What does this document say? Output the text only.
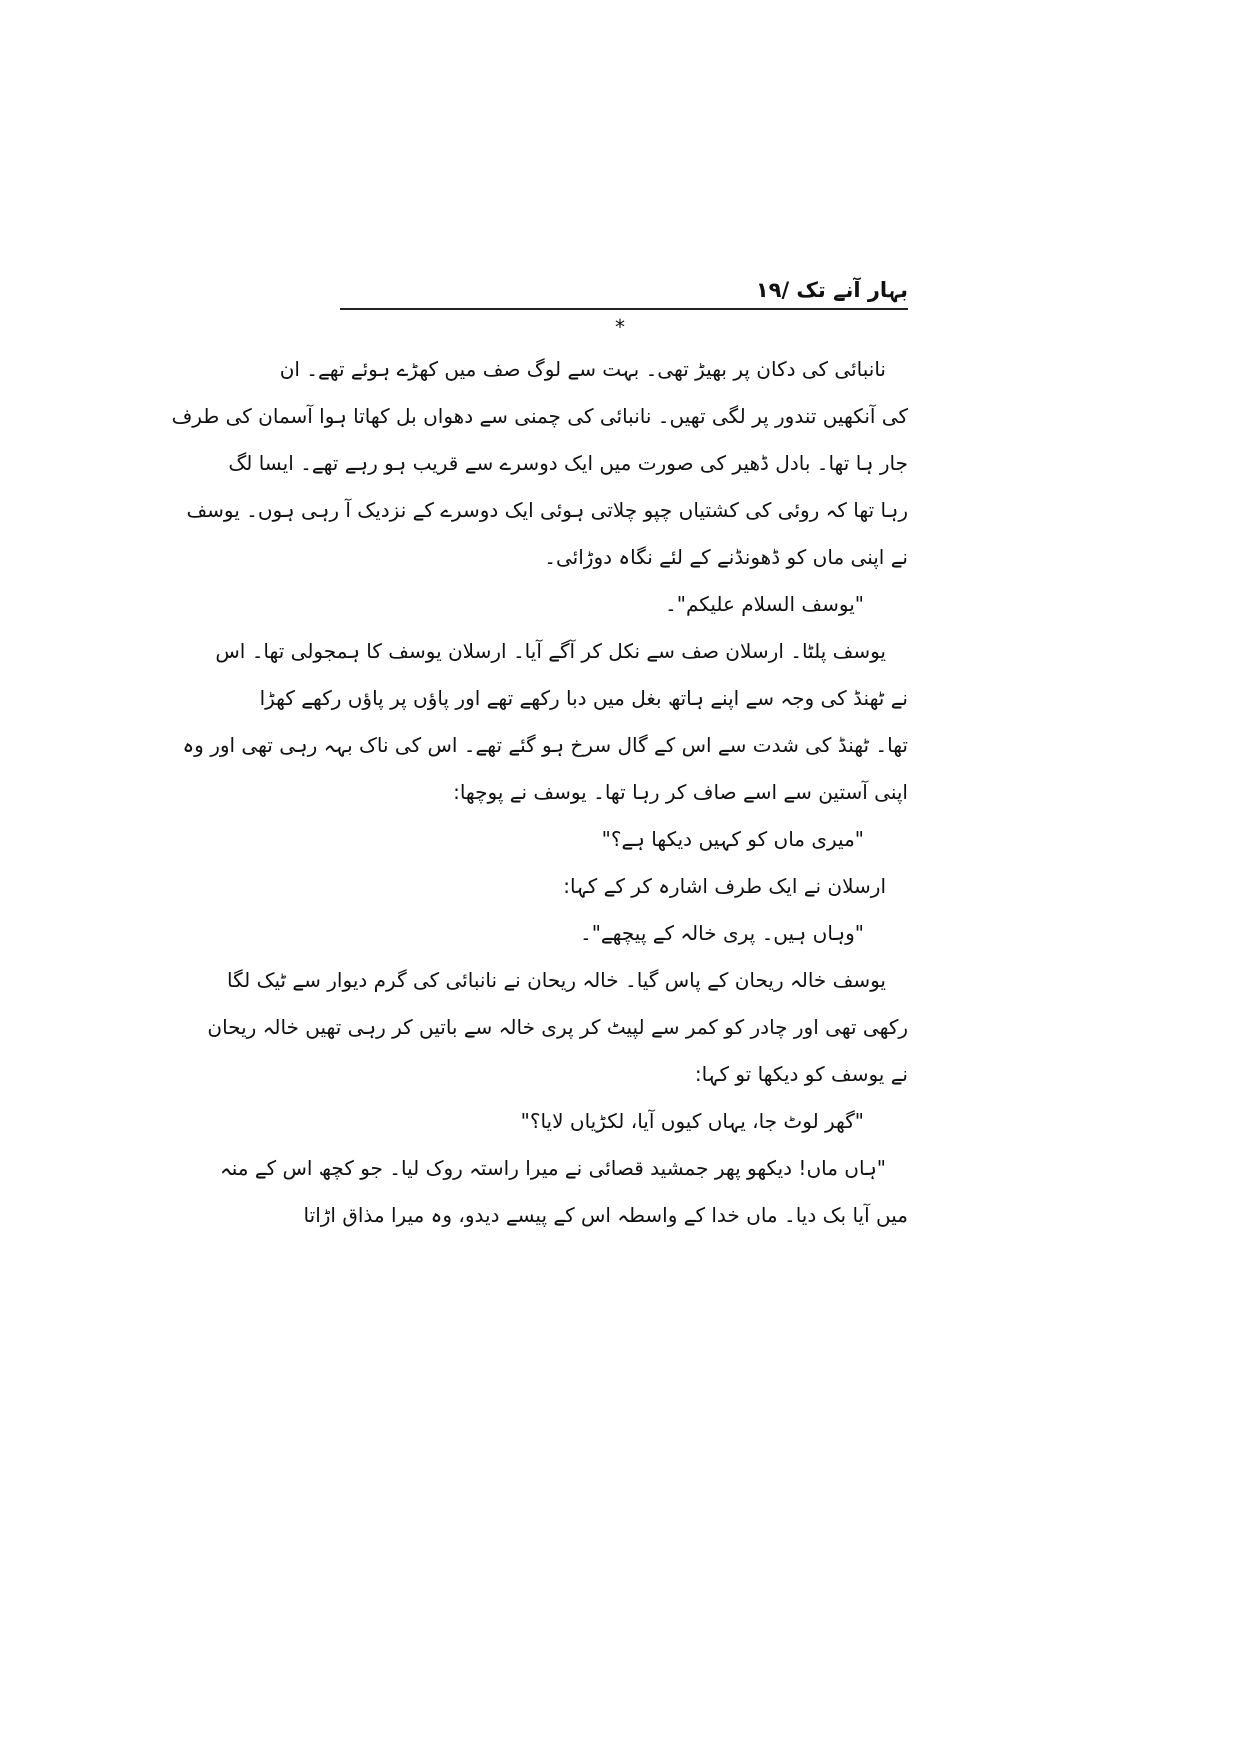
بہار آنے تک /۱۹
*
نانبائی کی دکان پر بھیڑ تھی۔ بہت سے لوگ صف میں کھڑے ہوئے تھے۔ ان
کی آنکھیں تندور پر لگی تھیں۔ نانبائی کی چمنی سے دھواں بل کھاتا ہوا آسمان کی طرف
جار ہا تھا۔ بادل ڈھیر کی صورت میں ایک دوسرے سے قریب ہو رہے تھے۔ ایسا لگ
رہا تھا کہ روئی کی کشتیاں چپو چلاتی ہوئی ایک دوسرے کے نزدیک آ رہی ہوں۔ یوسف
نے اپنی ماں کو ڈھونڈنے کے لئے نگاہ دوڑائی۔
"یوسف السلام علیکم"۔
یوسف پلٹا۔ ارسلان صف سے نکل کر آگے آیا۔ ارسلان یوسف کا ہمجولی تھا۔ اس
نے ٹھنڈ کی وجہ سے اپنے ہاتھ بغل میں دبا رکھے تھے اور پاؤں پر پاؤں رکھے کھڑا
تھا۔ ٹھنڈ کی شدت سے اس کے گال سرخ ہو گئے تھے۔ اس کی ناک بہہ رہی تھی اور وہ
اپنی آستین سے اسے صاف کر رہا تھا۔ یوسف نے پوچھا:
"میری ماں کو کہیں دیکھا ہے؟"
ارسلان نے ایک طرف اشارہ کر کے کہا:
"وہاں ہیں۔ پری خالہ کے پیچھے"۔
یوسف خالہ ریحان کے پاس گیا۔ خالہ ریحان نے نانبائی کی گرم دیوار سے ٹیک لگا
رکھی تھی اور چادر کو کمر سے لپیٹ کر پری خالہ سے باتیں کر رہی تھیں خالہ ریحان
نے یوسف کو دیکھا تو کہا:
"گھر لوٹ جا، یہاں کیوں آیا، لکڑیاں لایا؟"
"ہاں ماں! دیکھو پھر جمشید قصائی نے میرا راستہ روک لیا۔ جو کچھ اس کے منہ
میں آیا بک دیا۔ ماں خدا کے واسطہ اس کے پیسے دیدو، وہ میرا مذاق اڑاتا
